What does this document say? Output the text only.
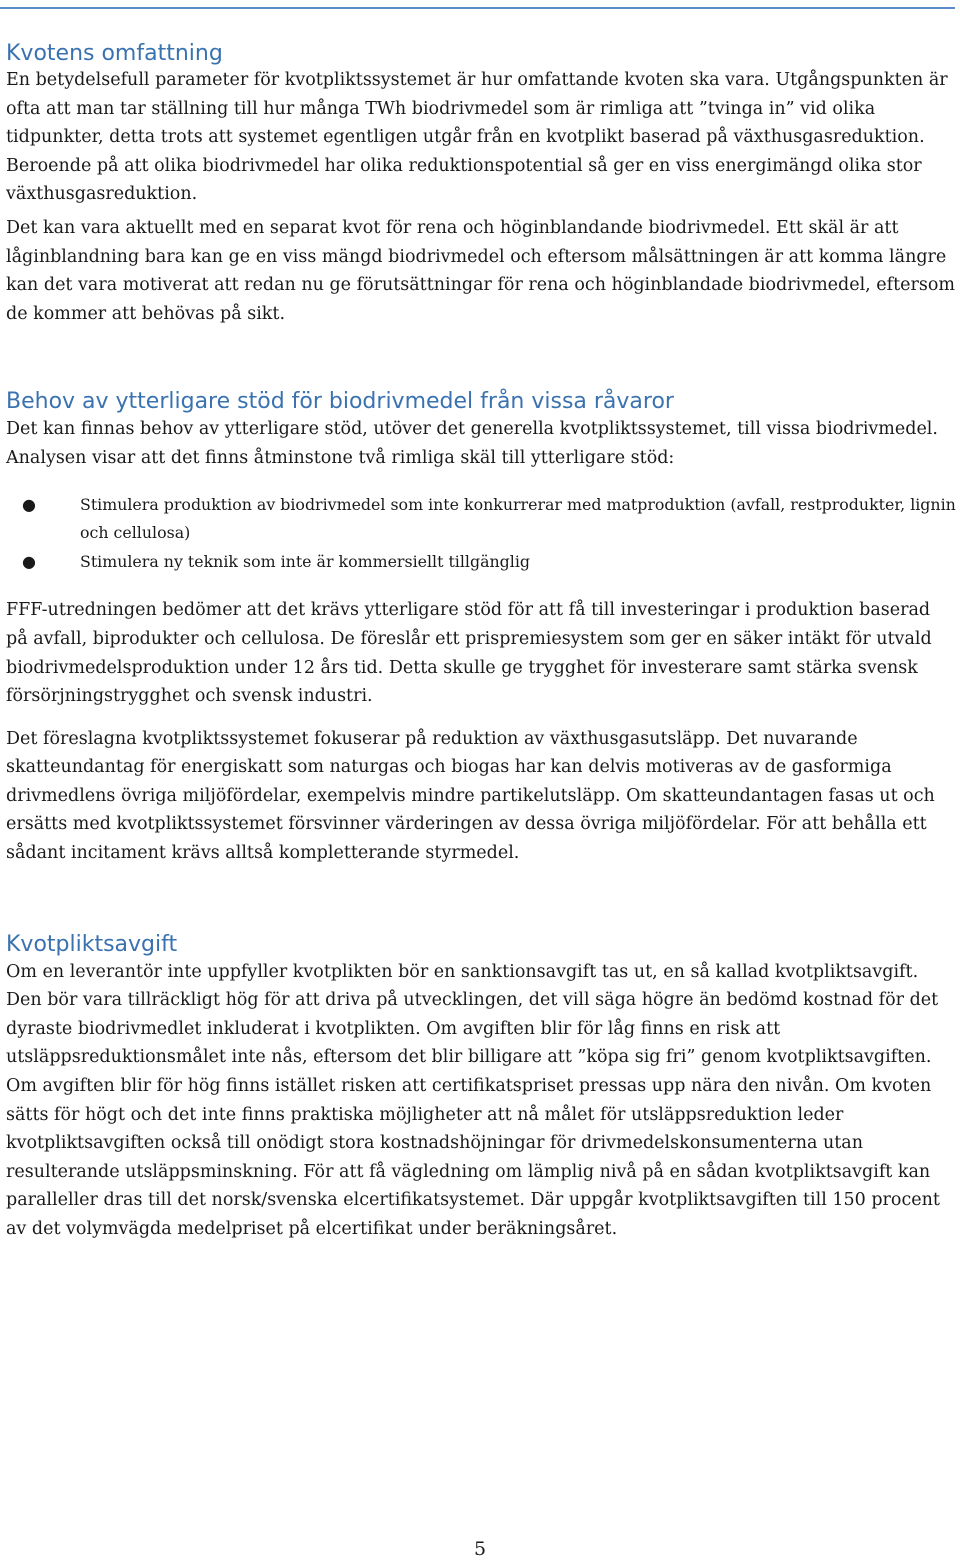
Kvotens omfattning

En betydelsefull parameter för kvotpliktssystemet är hur omfattande kvoten ska vara. Utgångspunkten är ofta att man tar ställning till hur många TWh biodrivmedel som är rimliga att ”tvinga in” vid olika tidpunkter, detta trots att systemet egentligen utgår från en kvotplikt baserad på växthusgasreduktion. Beroende på att olika biodrivmedel har olika reduktionspotential så ger en viss energimängd olika stor växthusgasreduktion.

Det kan vara aktuellt med en separat kvot för rena och höginblandande biodrivmedel. Ett skäl är att låginblandning bara kan ge en viss mängd biodrivmedel och eftersom målsättningen är att komma längre kan det vara motiverat att redan nu ge förutsättningar för rena och höginblandade biodrivmedel, eftersom de kommer att behövas på sikt.

Behov av ytterligare stöd för biodrivmedel från vissa råvaror

Det kan finnas behov av ytterligare stöd, utöver det generella kvotpliktssystemet, till vissa biodrivmedel. Analysen visar att det finns åtminstone två rimliga skäl till ytterligare stöd:

●	Stimulera produktion av biodrivmedel som inte konkurrerar med matproduktion (avfall, restprodukter, lignin och cellulosa)
●	Stimulera ny teknik som inte är kommersiellt tillgänglig

FFF-utredningen bedömer att det krävs ytterligare stöd för att få till investeringar i produktion baserad på avfall, biprodukter och cellulosa. De föreslår ett prispremiesystem som ger en säker intäkt för utvald biodrivmedelsproduktion under 12 års tid. Detta skulle ge trygghet för investerare samt stärka svensk försörjningstrygghet och svensk industri.

Det föreslagna kvotpliktssystemet fokuserar på reduktion av växthusgasutsläpp. Det nuvarande skatteundantag för energiskatt som naturgas och biogas har kan delvis motiveras av de gasformiga drivmedlens övriga miljöfördelar, exempelvis mindre partikelutsläpp. Om skatteundantagen fasas ut och ersätts med kvotpliktssystemet försvinner värderingen av dessa övriga miljöfördelar. För att behålla ett sådant incitament krävs alltså kompletterande styrmedel.

Kvotpliktsavgift

Om en leverantör inte uppfyller kvotplikten bör en sanktionsavgift tas ut, en så kallad kvotpliktsavgift. Den bör vara tillräckligt hög för att driva på utvecklingen, det vill säga högre än bedömd kostnad för det dyraste biodrivmedlet inkluderat i kvotplikten. Om avgiften blir för låg finns en risk att utsläppsreduktionsmålet inte nås, eftersom det blir billigare att ”köpa sig fri” genom kvotpliktsavgiften. Om avgiften blir för hög finns istället risken att certifikatspriset pressas upp nära den nivån. Om kvoten sätts för högt och det inte finns praktiska möjligheter att nå målet för utsläppsreduktion leder kvotpliktsavgiften också till onödigt stora kostnadshöjningar för drivmedelskonsumenterna utan resulterande utsläppsminskning. För att få vägledning om lämplig nivå på en sådan kvotpliktsavgift kan paralleller dras till det norsk/svenska elcertifikatsystemet. Där uppgår kvotpliktsavgiften till 150 procent av det volymvägda medelpriset på elcertifikat under beräkningsåret.

5
